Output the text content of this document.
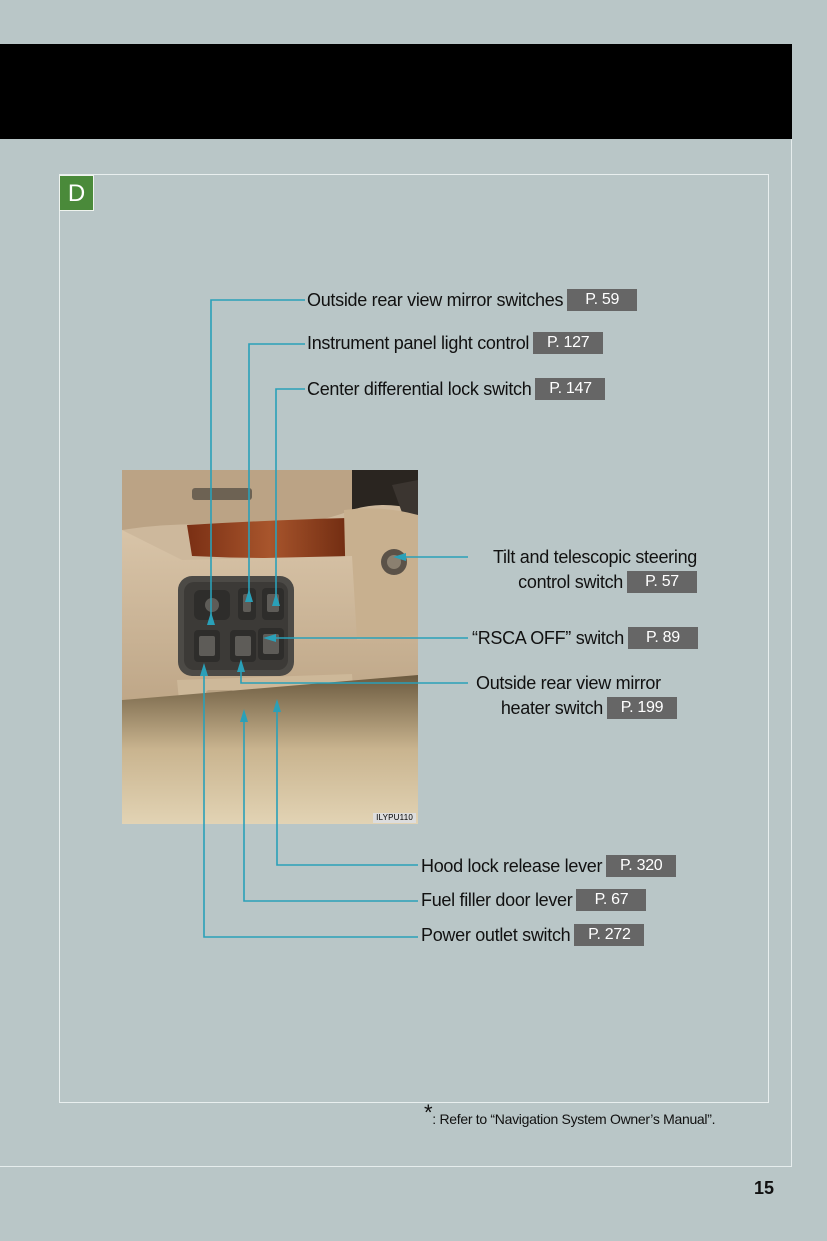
D
ILYPU110
Outside rear view mirror switches P. 59
Instrument panel light control P. 127
Center differential lock switch P. 147
Tilt and telescopic steering
control switch P. 57
“RSCA OFF” switch P. 89
Outside rear view mirror
heater switch P. 199
Hood lock release lever P. 320
Fuel filler door lever P. 67
Power outlet switch P. 272
*: Refer to “Navigation System Owner’s Manual”.
15
